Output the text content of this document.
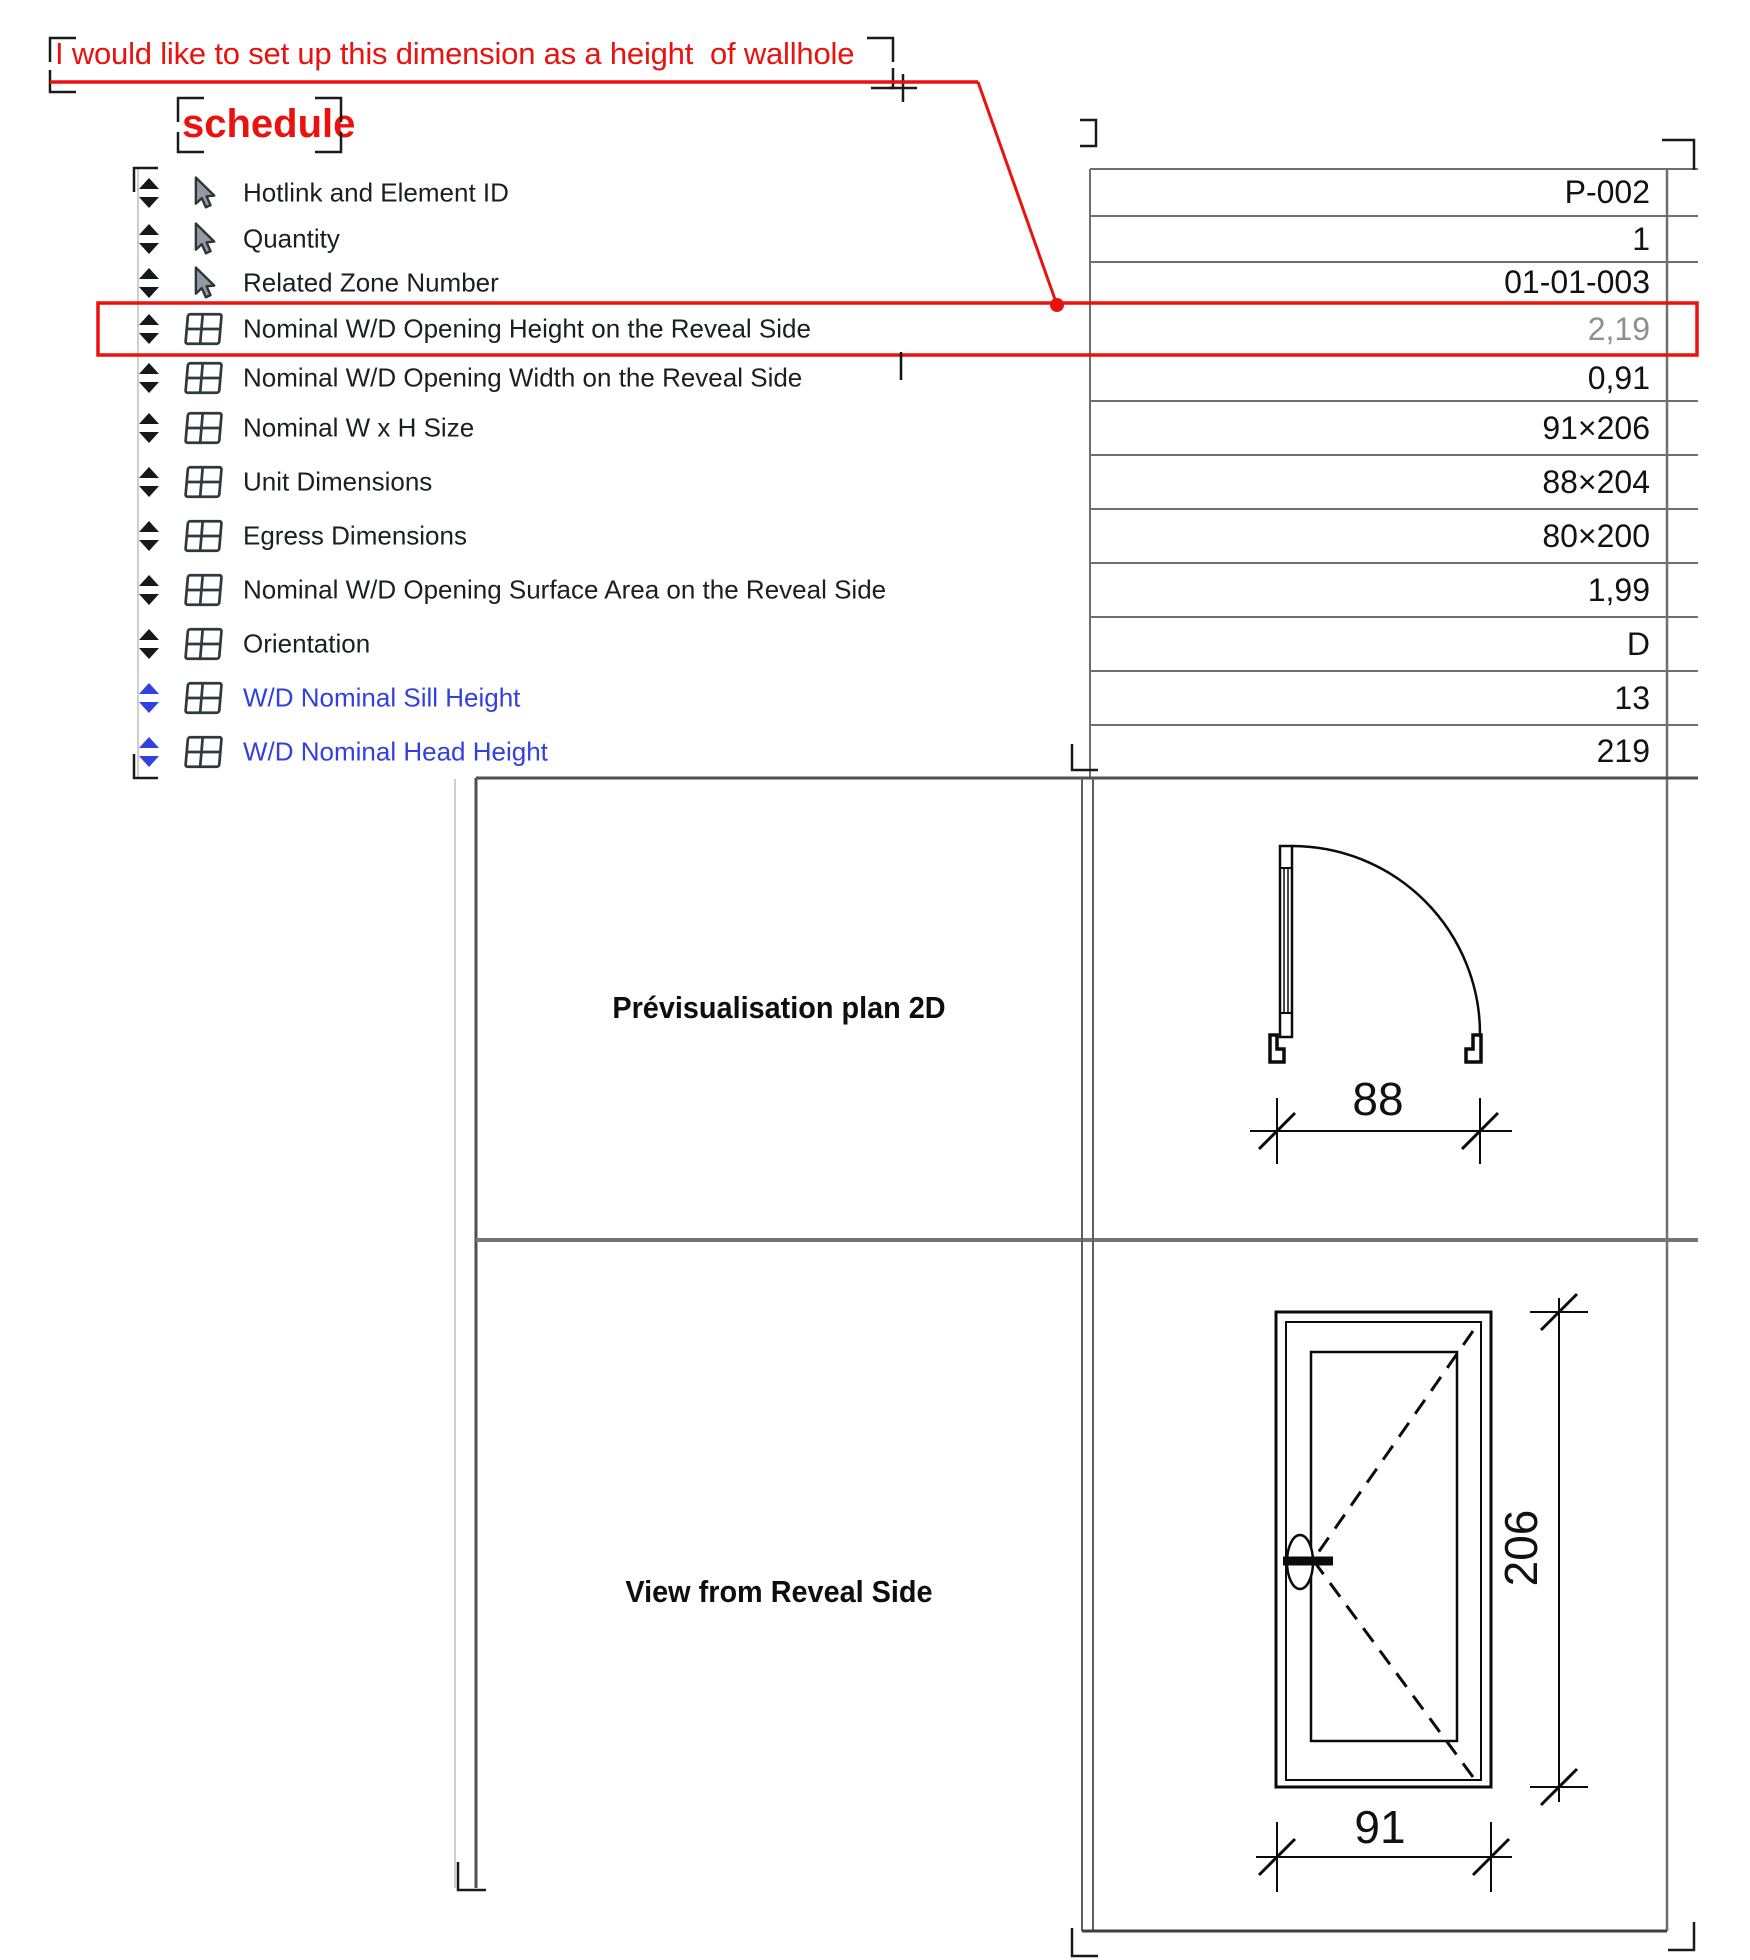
I would like to set up this dimension as a height  of wallhole
schedule
Hotlink and Element ID	P-002
Quantity	1
Related Zone Number	01-01-003
Nominal W/D Opening Height on the Reveal Side	2,19
Nominal W/D Opening Width on the Reveal Side	0,91
Nominal W x H Size	91×206
Unit Dimensions	88×204
Egress Dimensions	80×200
Nominal W/D Opening Surface Area on the Reveal Side	1,99
Orientation	D
W/D Nominal Sill Height	13
W/D Nominal Head Height	219
Prévisualisation plan 2D
View from Reveal Side
88
206
91
